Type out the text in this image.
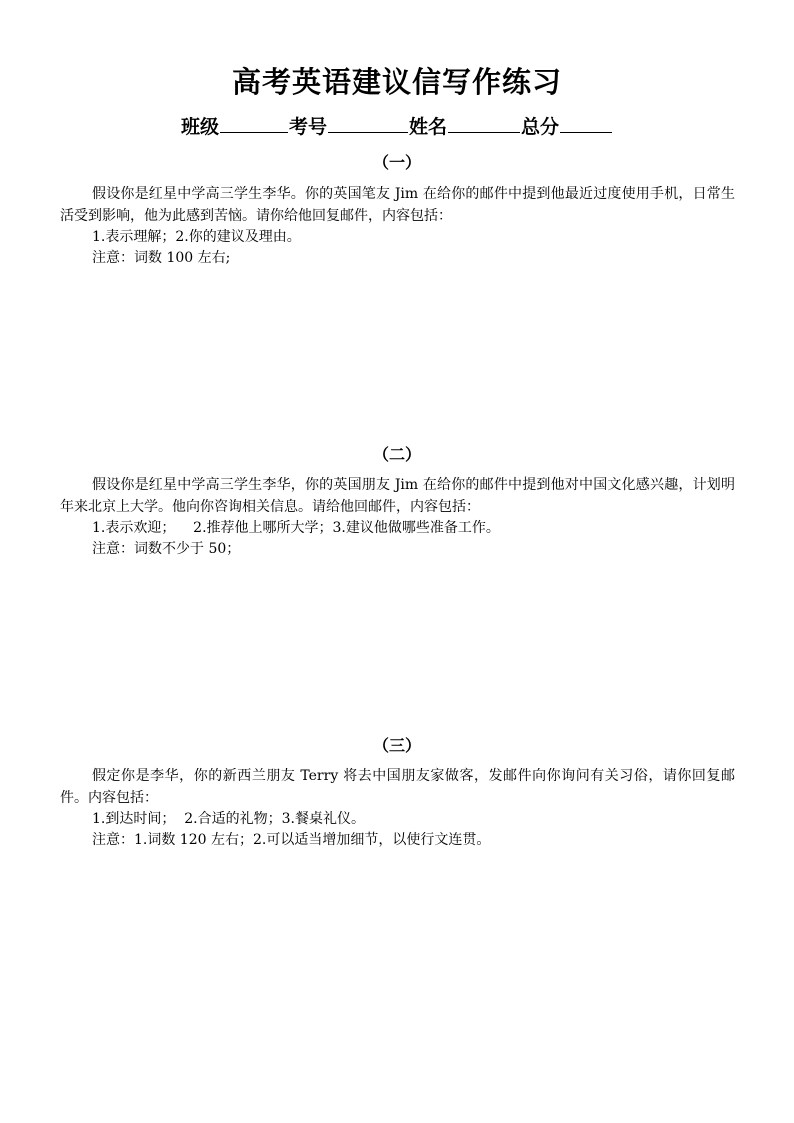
高考英语建议信写作练习
班级	考号	姓名	总分
（一）
假设你是红星中学高三学生李华。你的英国笔友 Jim 在给你的邮件中提到他最近过度使用手机，日常生活受到影响，他为此感到苦恼。请你给他回复邮件，内容包括：
1.表示理解；2.你的建议及理由。
注意：词数 100 左右;
（二）
假设你是红星中学高三学生李华，你的英国朋友 Jim 在给你的邮件中提到他对中国文化感兴趣，计划明年来北京上大学。他向你咨询相关信息。请给他回邮件，内容包括：
1.表示欢迎；    2.推荐他上哪所大学；3.建议他做哪些准备工作。
注意：词数不少于 50；
（三）
假定你是李华，你的新西兰朋友 Terry 将去中国朋友家做客，发邮件向你询问有关习俗，请你回复邮件。内容包括：
1.到达时间；  2.合适的礼物；3.餐桌礼仪。
注意：1.词数 120 左右；2.可以适当增加细节，以使行文连贯。
